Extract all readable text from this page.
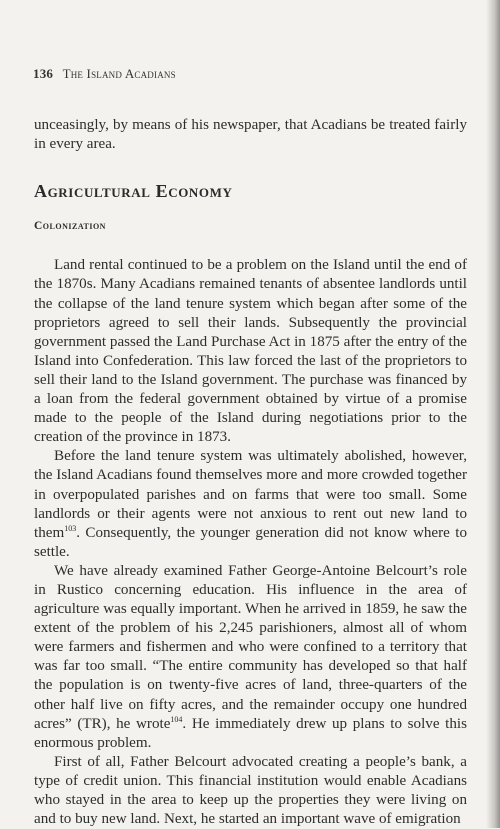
136 The Island Acadians

unceasingly, by means of his newspaper, that Acadians be treated fairly in every area.

Agricultural Economy
Colonization

Land rental continued to be a problem on the Island until the end of the 1870s. Many Acadians remained tenants of absentee landlords until the collapse of the land tenure system which began after some of the proprietors agreed to sell their lands. Subsequently the provincial government passed the Land Purchase Act in 1875 after the entry of the Island into Confederation. This law forced the last of the proprietors to sell their land to the Island government. The purchase was financed by a loan from the federal government obtained by virtue of a promise made to the people of the Island during negotiations prior to the creation of the province in 1873.

Before the land tenure system was ultimately abolished, however, the Island Acadians found themselves more and more crowded together in overpopulated parishes and on farms that were too small. Some landlords or their agents were not anxious to rent out new land to them$^{103}$. Consequently, the younger generation did not know where to settle.

We have already examined Father George-Antoine Belcourt’s role in Rustico concerning education. His influence in the area of agriculture was equally important. When he arrived in 1859, he saw the extent of the problem of his 2,245 parishioners, almost all of whom were farmers and fishermen and who were confined to a territory that was far too small. “The entire community has developed so that half the population is on twenty-five acres of land, three-quarters of the other half live on fifty acres, and the remainder occupy one hundred acres” (TR), he wrote$^{104}$. He immediately drew up plans to solve this enormous problem.

First of all, Father Belcourt advocated creating a people’s bank, a type of credit union. This financial institution would enable Acadians who stayed in the area to keep up the properties they were living on and to buy new land. Next, he started an important wave of emigration
